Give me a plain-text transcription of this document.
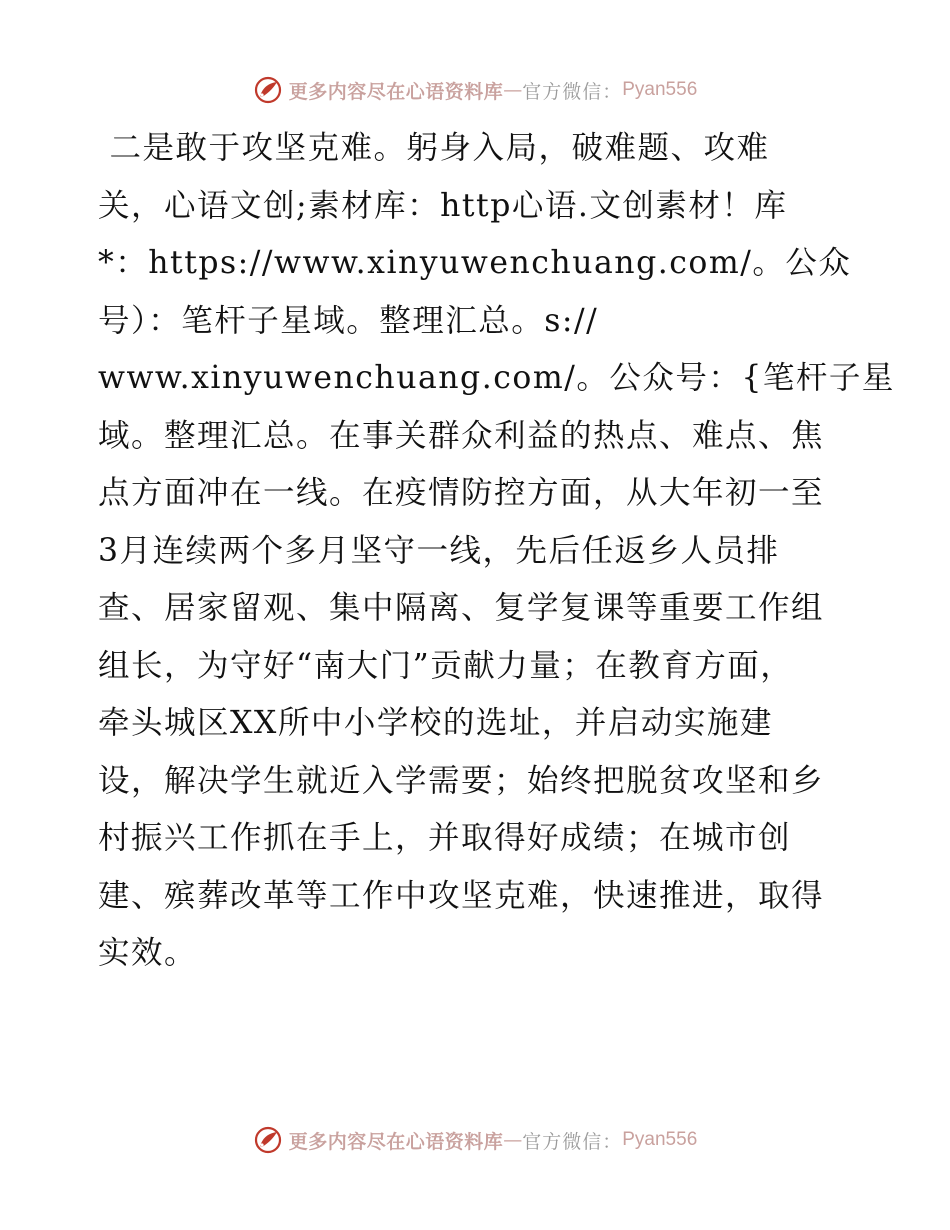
更多内容尽在心语资料库 — 官方微信： Pyan556
二是敢于攻坚克难。躬身入局，破难题、攻难
关，心语文创;素材库：http心语.文创素材！库
*：https://www.xinyuwenchuang.com/。公众
号）：笔杆子星域。整理汇总。s://
www.xinyuwenchuang.com/。公众号：{笔杆子星
域。整理汇总。在事关群众利益的热点、难点、焦
点方面冲在一线。在疫情防控方面，从大年初一至
3月连续两个多月坚守一线，先后任返乡人员排
查、居家留观、集中隔离、复学复课等重要工作组
组长，为守好“南大门”贡献力量；在教育方面，
牵头城区XX所中小学校的选址，并启动实施建
设，解决学生就近入学需要；始终把脱贫攻坚和乡
村振兴工作抓在手上，并取得好成绩；在城市创
建、殡葬改革等工作中攻坚克难，快速推进，取得
实效。
更多内容尽在心语资料库 — 官方微信： Pyan556
